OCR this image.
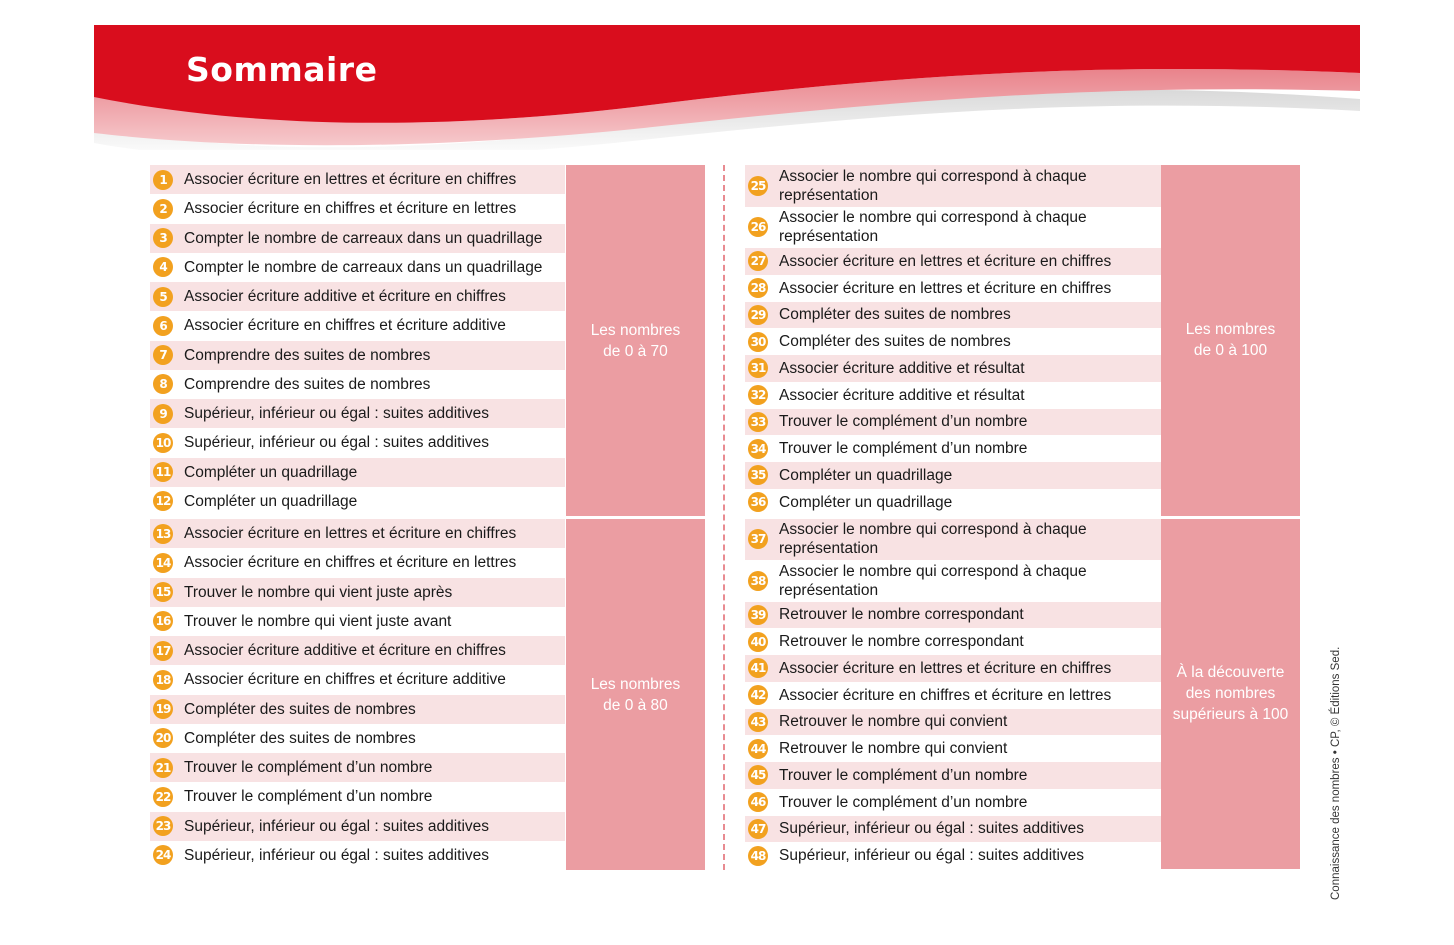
Sommaire
1	Associer écriture en lettres et écriture en chiffres
2	Associer écriture en chiffres et écriture en lettres
3	Compter le nombre de carreaux dans un quadrillage
4	Compter le nombre de carreaux dans un quadrillage
5	Associer écriture additive et écriture en chiffres
6	Associer écriture en chiffres et écriture additive
7	Comprendre des suites de nombres
8	Comprendre des suites de nombres
9	Supérieur, inférieur ou égal : suites additives
10 Supérieur, inférieur ou égal : suites additives
11 Compléter un quadrillage
12 Compléter un quadrillage
Les nombres
de 0 à 70
13 Associer écriture en lettres et écriture en chiffres
14 Associer écriture en chiffres et écriture en lettres
15 Trouver le nombre qui vient juste après
16 Trouver le nombre qui vient juste avant
17 Associer écriture additive et écriture en chiffres
18 Associer écriture en chiffres et écriture additive
19 Compléter des suites de nombres
20 Compléter des suites de nombres
21 Trouver le complément d’un nombre
22 Trouver le complément d’un nombre
23 Supérieur, inférieur ou égal : suites additives
24 Supérieur, inférieur ou égal : suites additives
Les nombres
de 0 à 80
25
Associer le nombre qui correspond à chaque
représentation
26
Associer le nombre qui correspond à chaque
représentation
27 Associer écriture en lettres et écriture en chiffres
28 Associer écriture en lettres et écriture en chiffres
29 Compléter des suites de nombres
30 Compléter des suites de nombres
31 Associer écriture additive et résultat
32 Associer écriture additive et résultat
33 Trouver le complément d’un nombre
34 Trouver le complément d’un nombre
35 Compléter un quadrillage
36 Compléter un quadrillage
Les nombres
de 0 à 100
37
Associer le nombre qui correspond à chaque
représentation
38
Associer le nombre qui correspond à chaque
représentation
39 Retrouver le nombre correspondant
40 Retrouver le nombre correspondant
41 Associer écriture en lettres et écriture en chiffres
42 Associer écriture en chiffres et écriture en lettres
43 Retrouver le nombre qui convient
44 Retrouver le nombre qui convient
45 Trouver le complément d’un nombre
46 Trouver le complément d’un nombre
47 Supérieur, inférieur ou égal : suites additives
48 Supérieur, inférieur ou égal : suites additives
À la découverte
des nombres
supérieurs à 100	Connaissance des nombres • CP, © Éditions Sed.
